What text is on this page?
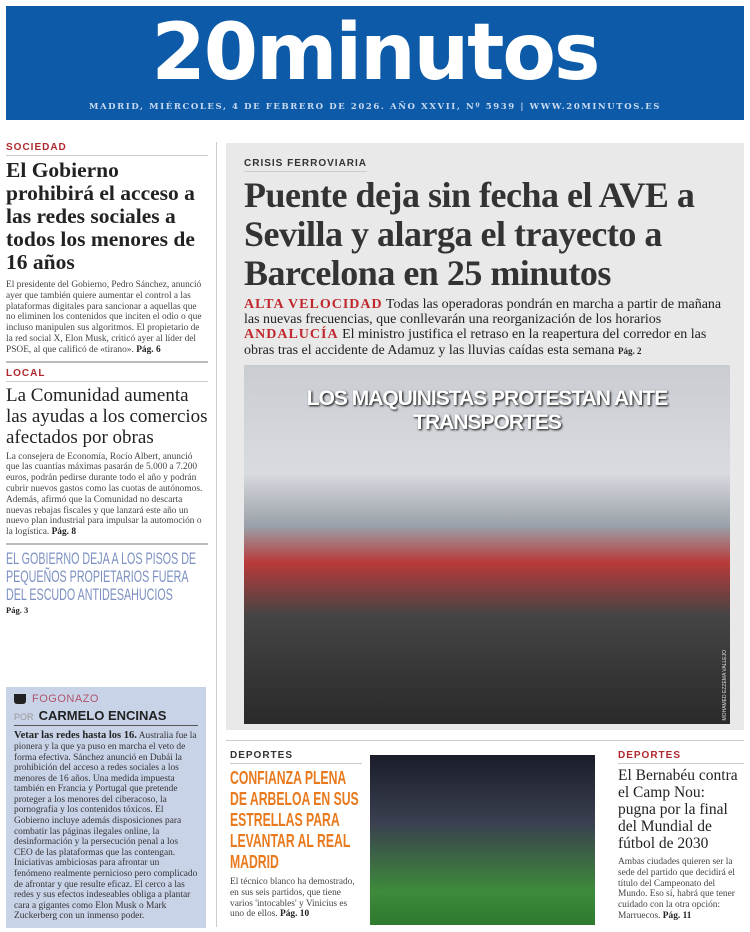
20minutos
MADRID, MIÉRCOLES, 4 DE FEBRERO DE 2026. AÑO XXVII, Nº 5939 | WWW.20MINUTOS.ES
SOCIEDAD
El Gobierno prohibirá el acceso a las redes sociales a todos los menores de 16 años

El presidente del Gobierno, Pedro Sánchez, anunció ayer que también quiere aumentar el control a las plataformas digitales para sancionar a aquellas que no eliminen los contenidos que inciten el odio o que incluso manipulen sus algoritmos. El propietario de la red social X, Elon Musk, criticó ayer al líder del PSOE, al que calificó de «tirano». Pág. 6

LOCAL
La Comunidad aumenta las ayudas a los comercios afectados por obras

La consejera de Economía, Rocío Albert, anunció que las cuantías máximas pasarán de 5.000 a 7.200 euros, podrán pedirse durante todo el año y podrán cubrir nuevos gastos como las cuotas de autónomos. Además, afirmó que la Comunidad no descarta nuevas rebajas fiscales y que lanzará este año un nuevo plan industrial para impulsar la automoción o la logística. Pág. 8

EL GOBIERNO DEJA A LOS PISOS DE PEQUEÑOS PROPIETARIOS FUERA DEL ESCUDO ANTIDESAHUCIOS
Pág. 3
FOGONAZO
POR CARMELO ENCINAS

Vetar las redes hasta los 16. Australia fue la pionera y la que ya puso en marcha el veto de forma efectiva. Sánchez anunció en Dubái la prohibición del acceso a redes sociales a los menores de 16 años. Una medida impuesta también en Francia y Portugal que pretende proteger a los menores del ciberacoso, la pornografía y los contenidos tóxicos. El Gobierno incluye además disposiciones para combatir las páginas ilegales online, la desinformación y la persecución penal a los CEO de las plataformas que las contengan. Iniciativas ambiciosas para afrontar un fenómeno realmente pernicioso pero complicado de afrontar y que resulte eficaz. El cerco a las redes y sus efectos indeseables obliga a plantar cara a gigantes como Elon Musk o Mark Zuckerberg con un inmenso poder.

CRISIS FERROVIARIA
Puente deja sin fecha el AVE a Sevilla y alarga el trayecto a Barcelona en 25 minutos

ALTA VELOCIDAD Todas las operadoras pondrán en marcha a partir de mañana las nuevas frecuencias, que conllevarán una reorganización de los horarios
ANDALUCÍA El ministro justifica el retraso en la reapertura del corredor en las obras tras el accidente de Adamuz y las lluvias caídas esta semana Pág. 2

LOS MAQUINISTAS PROTESTAN ANTE TRANSPORTES
MOHAMED EZZEMA VALLEJO
DEPORTES
CONFIANZA PLENA DE ARBELOA EN SUS ESTRELLAS PARA LEVANTAR AL REAL MADRID

El técnico blanco ha demostrado, en sus seis partidos, que tiene varios 'intocables' y Vinicius es uno de ellos. Pág. 10

DEPORTES
El Bernabéu contra el Camp Nou: pugna por la final del Mundial de fútbol de 2030

Ambas ciudades quieren ser la sede del partido que decidirá el título del Campeonato del Mundo. Eso sí, habrá que tener cuidado con la otra opción: Marruecos. Pág. 11
